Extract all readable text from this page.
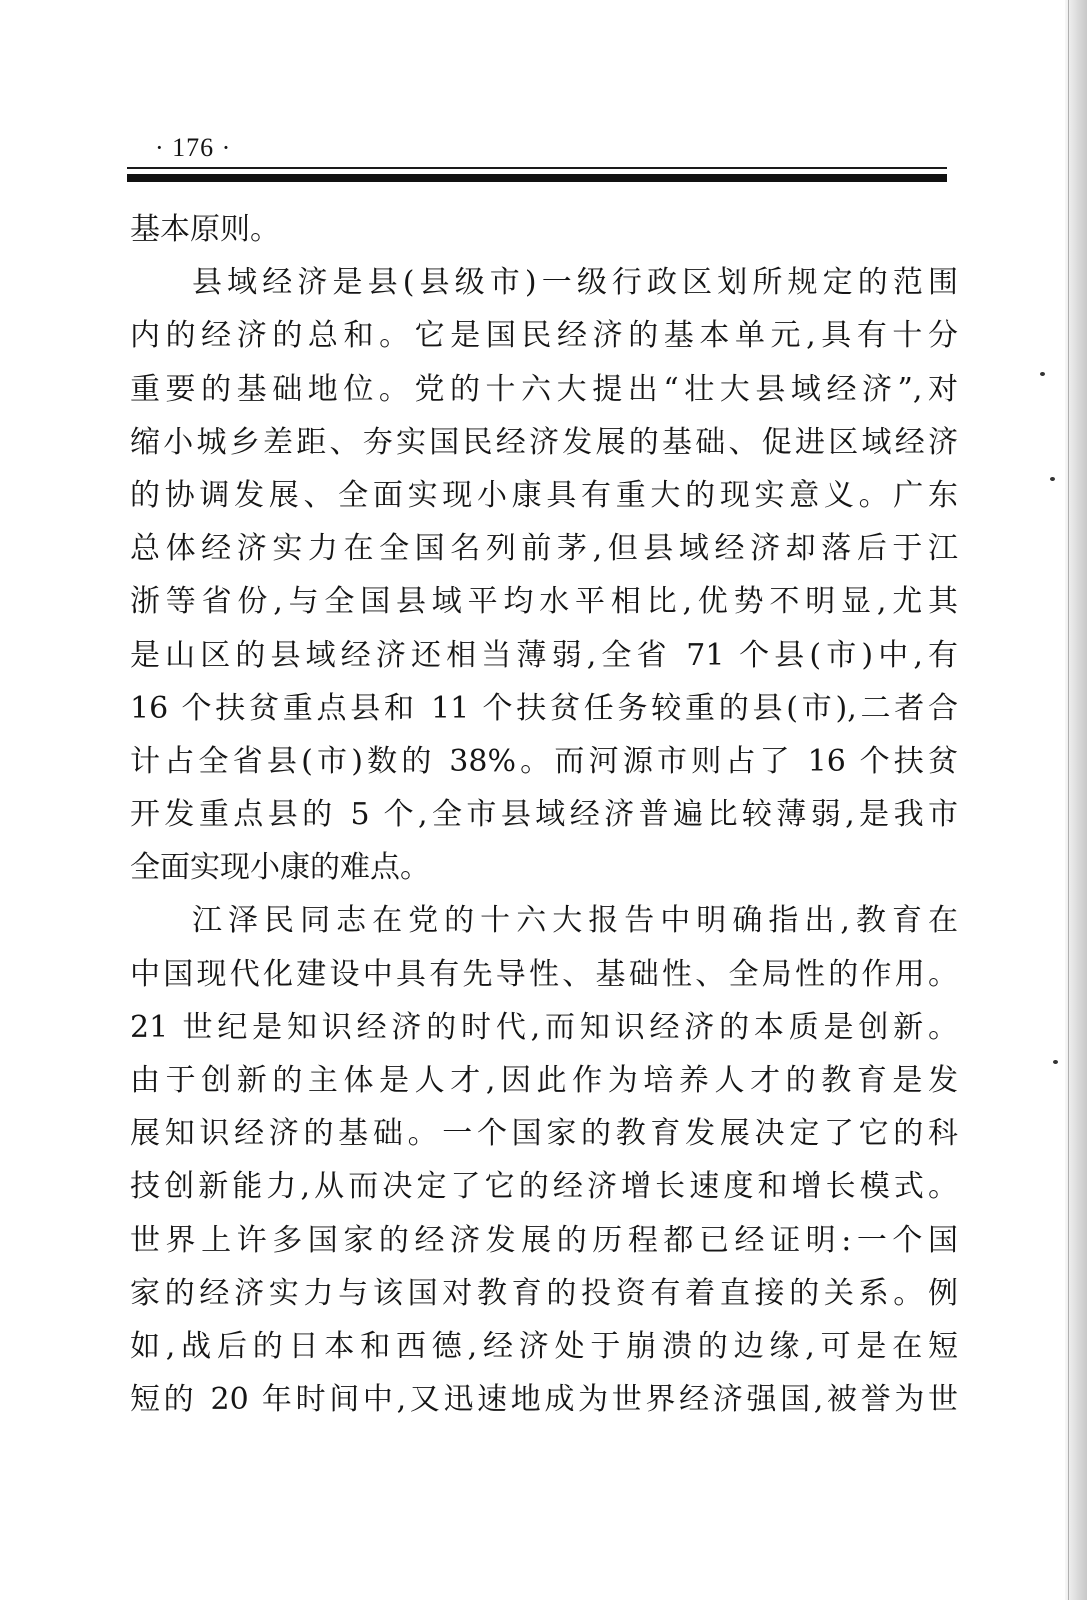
· 176 ·
基本原则。
县域经济是县(县级市)一级行政区划所规定的范围
内的经济的总和。它是国民经济的基本单元,具有十分
重要的基础地位。党的十六大提出“壮大县域经济”,对
缩小城乡差距、夯实国民经济发展的基础、促进区域经济
的协调发展、全面实现小康具有重大的现实意义。广东
总体经济实力在全国名列前茅,但县域经济却落后于江
浙等省份,与全国县域平均水平相比,优势不明显,尤其
是山区的县域经济还相当薄弱,全省 71 个县(市)中,有
16 个扶贫重点县和 11 个扶贫任务较重的县(市),二者合
计占全省县(市)数的 38%。而河源市则占了 16 个扶贫
开发重点县的 5 个,全市县域经济普遍比较薄弱,是我市
全面实现小康的难点。
江泽民同志在党的十六大报告中明确指出,教育在
中国现代化建设中具有先导性、基础性、全局性的作用。
21 世纪是知识经济的时代,而知识经济的本质是创新。
由于创新的主体是人才,因此作为培养人才的教育是发
展知识经济的基础。一个国家的教育发展决定了它的科
技创新能力,从而决定了它的经济增长速度和增长模式。
世界上许多国家的经济发展的历程都已经证明:一个国
家的经济实力与该国对教育的投资有着直接的关系。例
如,战后的日本和西德,经济处于崩溃的边缘,可是在短
短的 20 年时间中,又迅速地成为世界经济强国,被誉为世
